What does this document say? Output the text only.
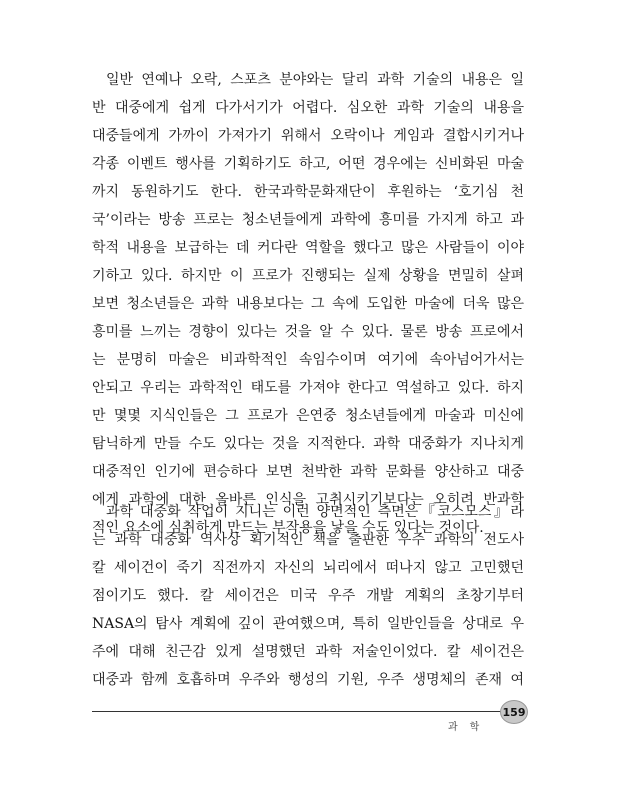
일반 연예나 오락, 스포츠 분야와는 달리 과학 기술의 내용은 일
반 대중에게 쉽게 다가서기가 어렵다. 심오한 과학 기술의 내용을
대중들에게 가까이 가져가기 위해서 오락이나 게임과 결합시키거나
각종 이벤트 행사를 기획하기도 하고, 어떤 경우에는 신비화된 마술
까지 동원하기도 한다. 한국과학문화재단이 후원하는 ‘호기심 천
국’이라는 방송 프로는 청소년들에게 과학에 흥미를 가지게 하고 과
학적 내용을 보급하는 데 커다란 역할을 했다고 많은 사람들이 이야
기하고 있다. 하지만 이 프로가 진행되는 실제 상황을 면밀히 살펴
보면 청소년들은 과학 내용보다는 그 속에 도입한 마술에 더욱 많은
흥미를 느끼는 경향이 있다는 것을 알 수 있다. 물론 방송 프로에서
는 분명히 마술은 비과학적인 속임수이며 여기에 속아넘어가서는
안되고 우리는 과학적인 태도를 가져야 한다고 역설하고 있다. 하지
만 몇몇 지식인들은 그 프로가 은연중 청소년들에게 마술과 미신에
탐닉하게 만들 수도 있다는 것을 지적한다. 과학 대중화가 지나치게
대중적인 인기에 편승하다 보면 천박한 과학 문화를 양산하고 대중
에게 과학에 대한 올바른 인식을 고취시키기보다는 오히려 반과학
적인 요소에 심취하게 만드는 부작용을 낳을 수도 있다는 것이다.
과학 대중화 작업이 지니는 이런 양면적인 측면은『코스모스』라
는 과학 대중화 역사상 획기적인 책을 출판한 우주 과학의 전도사
칼 세이건이 죽기 직전까지 자신의 뇌리에서 떠나지 않고 고민했던
점이기도 했다. 칼 세이건은 미국 우주 개발 계획의 초창기부터
NASA의 탐사 계획에 깊이 관여했으며, 특히 일반인들을 상대로 우
주에 대해 친근감 있게 설명했던 과학 저술인이었다. 칼 세이건은
대중과 함께 호흡하며 우주와 행성의 기원, 우주 생명체의 존재 여
159
과학
